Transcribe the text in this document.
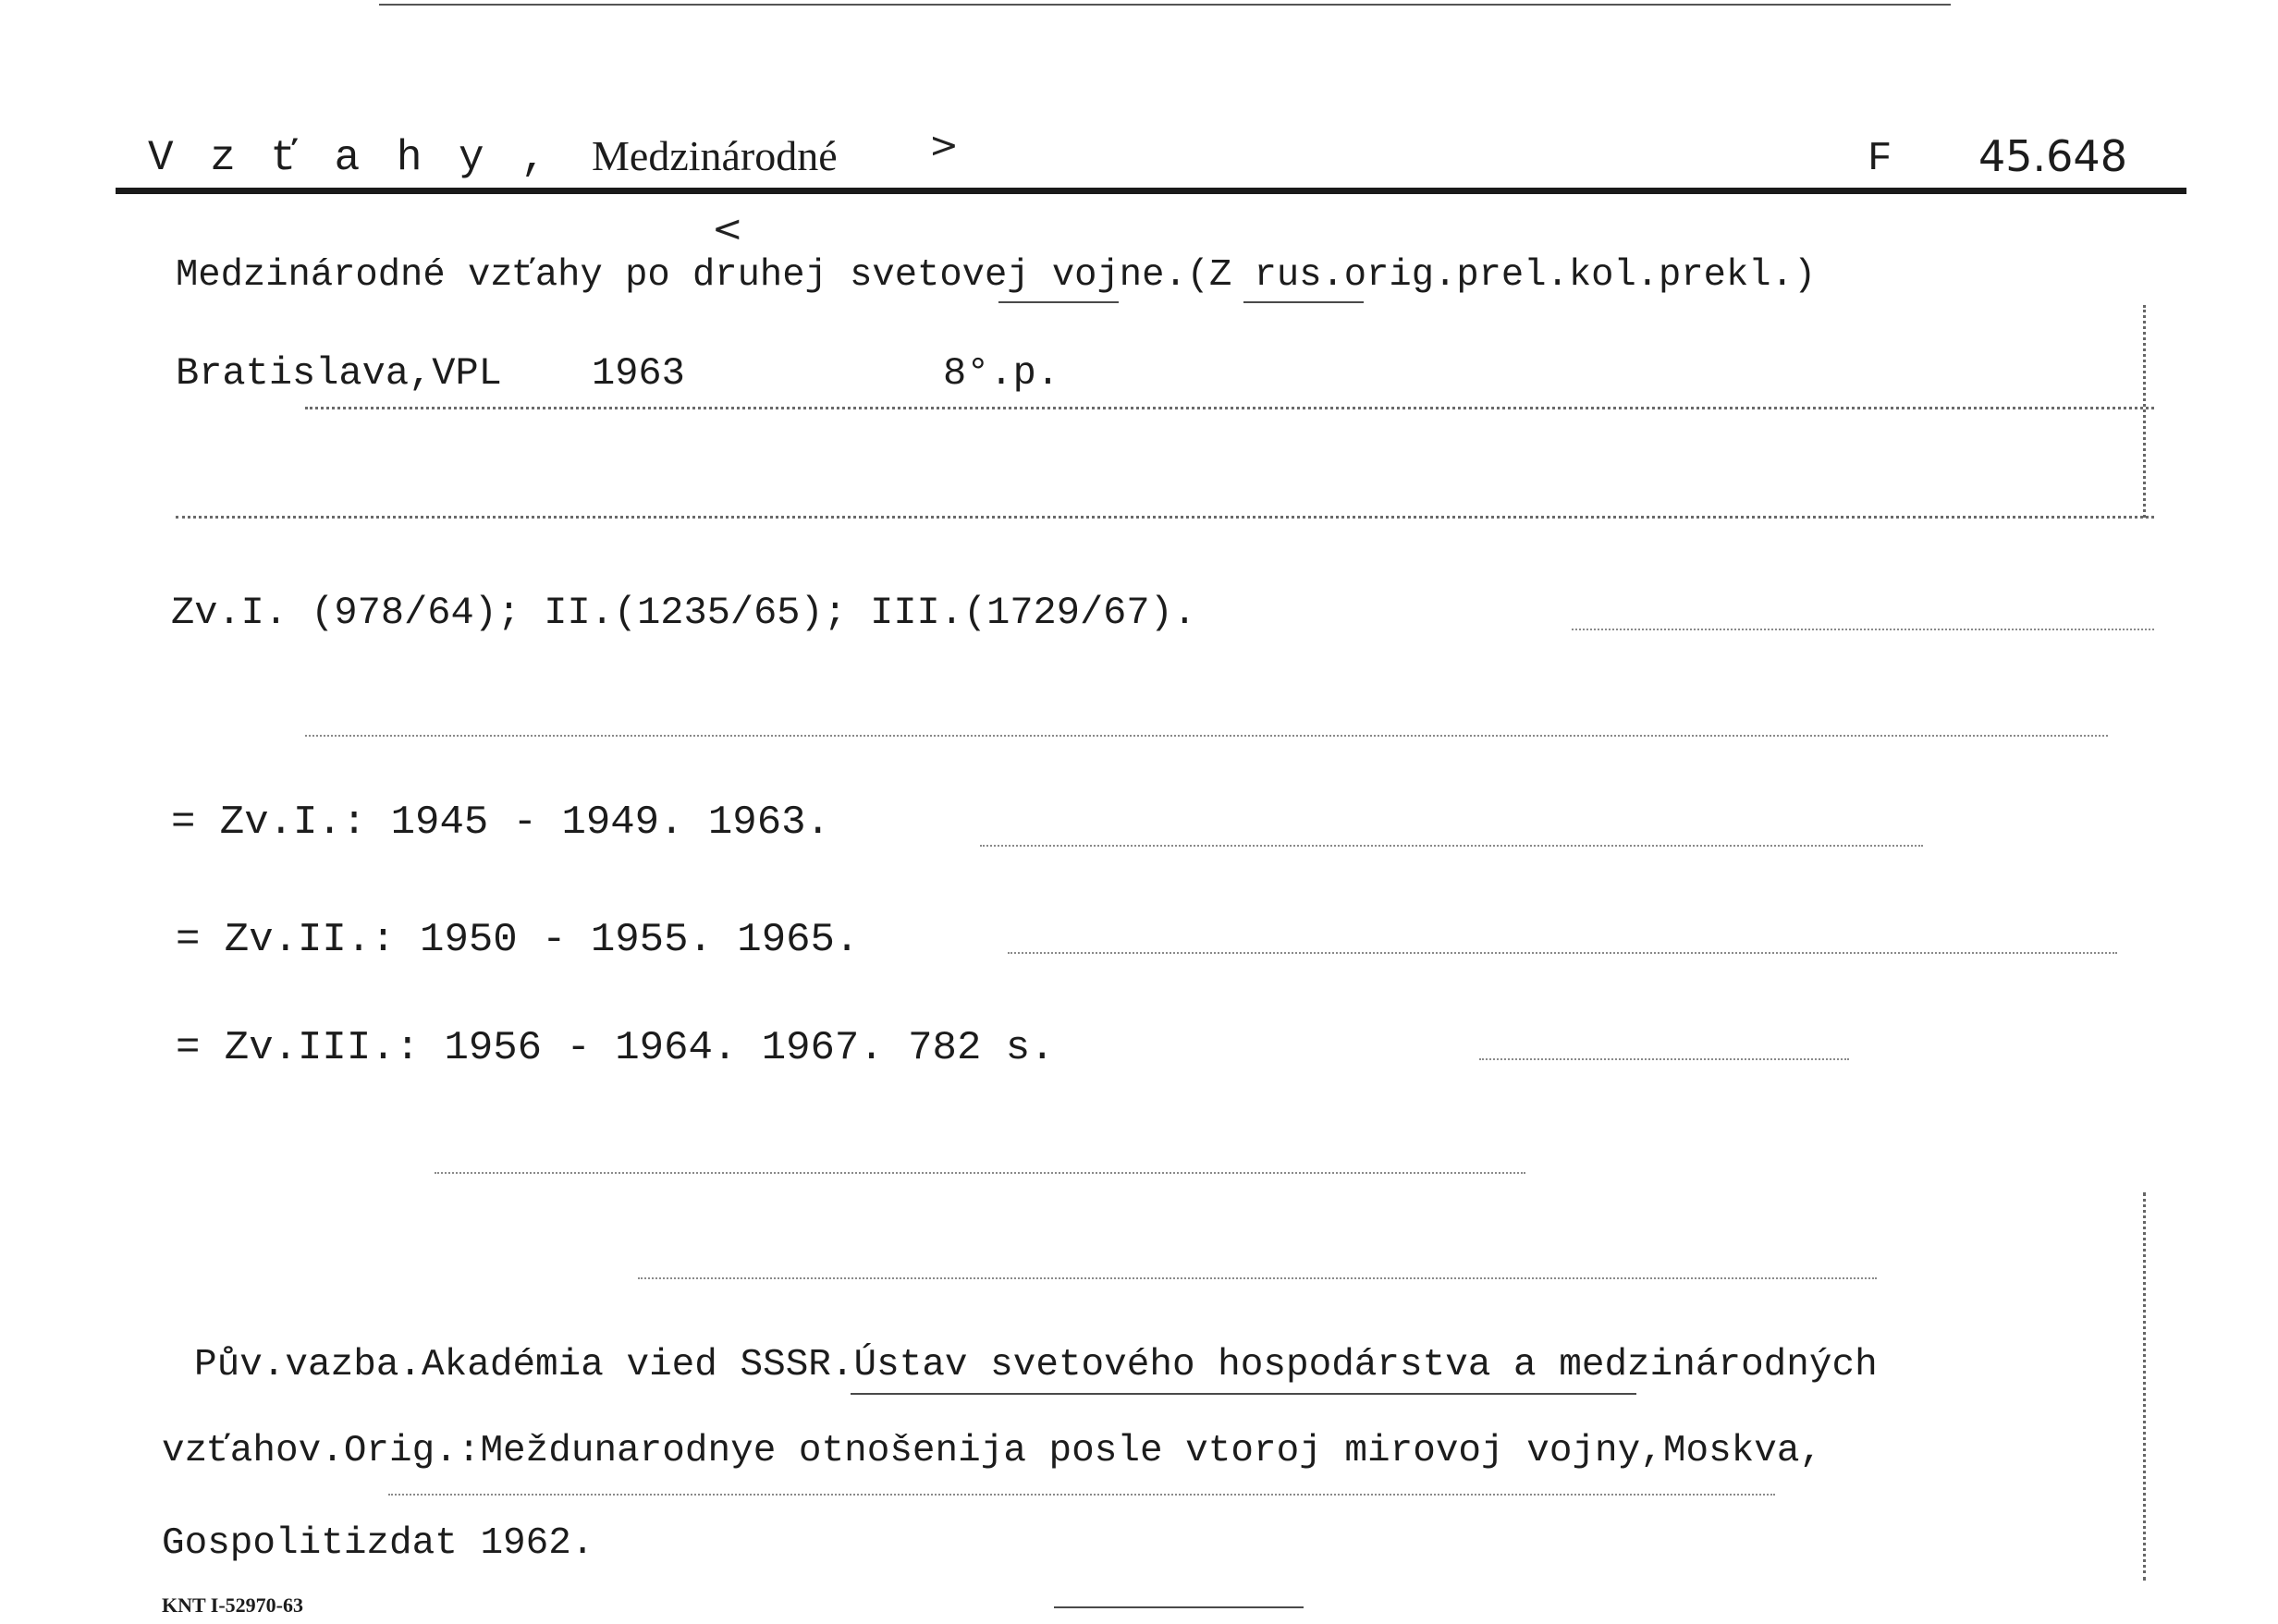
V z ť a h y , Medzinárodné	>	F 45.648
Medzinárodné vzťahy po druhej svetovej vojne.(Z rus.orig.prel.kol.prekl.)
<
Bratislava,VPL 1963	8°.p.
Zv.I. (978/64); II.(1235/65); III.(1729/67).
= Zv.I.: 1945 - 1949. 1963.
= Zv.II.: 1950 - 1955. 1965.
= Zv.III.: 1956 - 1964. 1967. 782 s.
Pův.vazba.Akadémia vied SSSR.Ústav svetového hospodárstva a medzinárodných
vzťahov.Orig.:Meždunarodnye otnošenija posle vtoroj mirovoj vojny,Moskva,
Gospolitizdat 1962.
KNT I-52970-63
